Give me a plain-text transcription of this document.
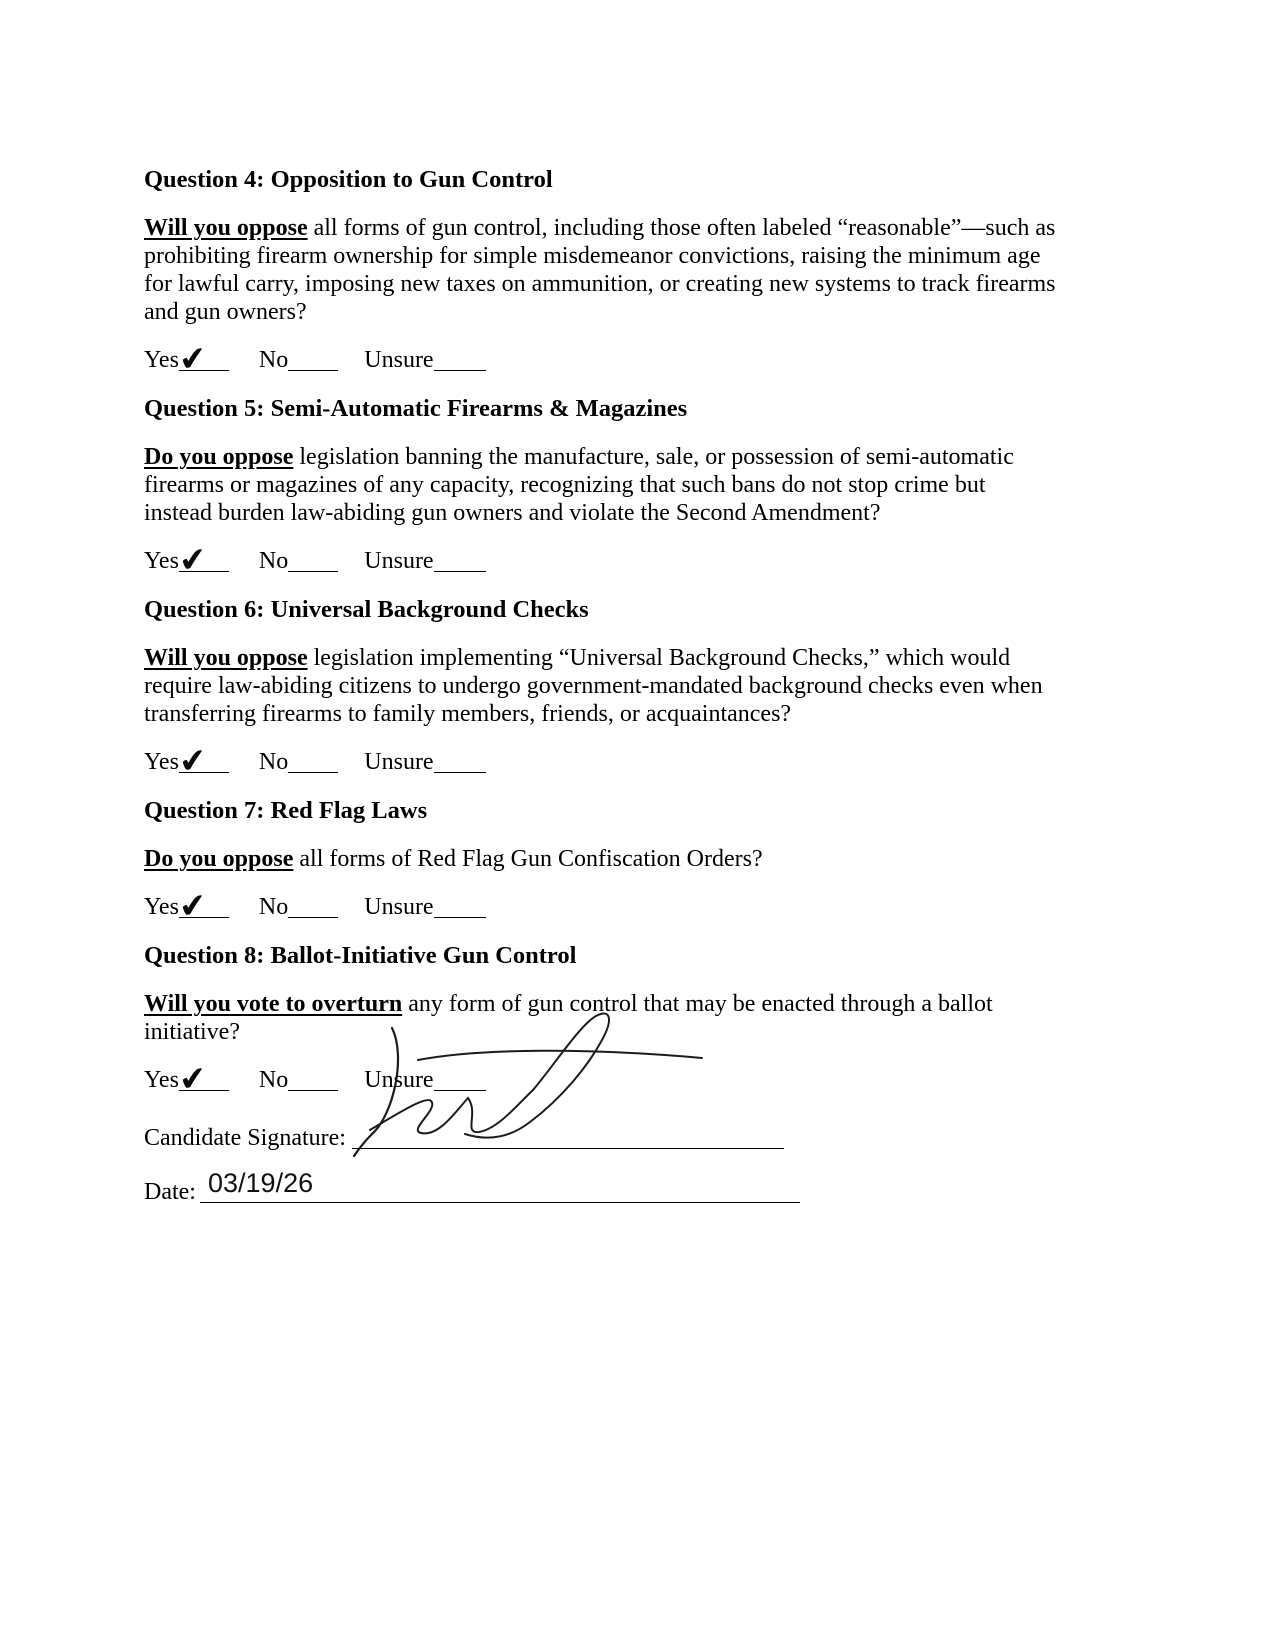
Question 4: Opposition to Gun Control

Will you oppose all forms of gun control, including those often labeled “reasonable”—such as prohibiting firearm ownership for simple misdemeanor convictions, raising the minimum age for lawful carry, imposing new taxes on ammunition, or creating new systems to track firearms and gun owners?

Yes
✔ No	Unsure

Question 5: Semi-Automatic Firearms & Magazines

Do you oppose legislation banning the manufacture, sale, or possession of semi-automatic firearms or magazines of any capacity, recognizing that such bans do not stop crime but instead burden law-abiding gun owners and violate the Second Amendment?

Yes
✔ No	Unsure

Question 6: Universal Background Checks

Will you oppose legislation implementing “Universal Background Checks,” which would require law-abiding citizens to undergo government-mandated background checks even when transferring firearms to family members, friends, or acquaintances?

Yes
✔ No	Unsure

Question 7: Red Flag Laws

Do you oppose all forms of Red Flag Gun Confiscation Orders?

Yes
✔ No	Unsure

Question 8: Ballot-Initiative Gun Control

Will you vote to overturn any form of gun control that may be enacted through a ballot initiative?

Yes
✔ No	Unsure
Candidate Signature:
Date: 03/19/26
